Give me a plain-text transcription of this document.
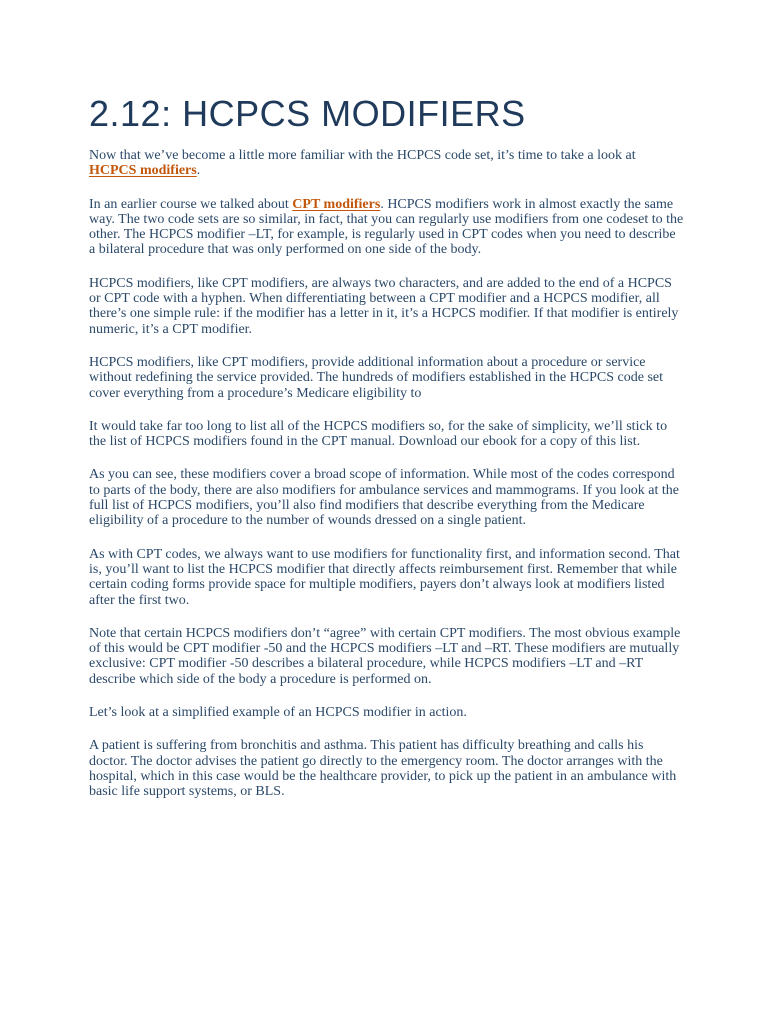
2.12: HCPCS MODIFIERS

Now that we’ve become a little more familiar with the HCPCS code set, it’s time to take a look at HCPCS modifiers.

In an earlier course we talked about CPT modifiers. HCPCS modifiers work in almost exactly the same way. The two code sets are so similar, in fact, that you can regularly use modifiers from one codeset to the other. The HCPCS modifier –LT, for example, is regularly used in CPT codes when you need to describe a bilateral procedure that was only performed on one side of the body.

HCPCS modifiers, like CPT modifiers, are always two characters, and are added to the end of a HCPCS or CPT code with a hyphen. When differentiating between a CPT modifier and a HCPCS modifier, all there’s one simple rule: if the modifier has a letter in it, it’s a HCPCS modifier. If that modifier is entirely numeric, it’s a CPT modifier.

HCPCS modifiers, like CPT modifiers, provide additional information about a procedure or service without redefining the service provided. The hundreds of modifiers established in the HCPCS code set cover everything from a procedure’s Medicare eligibility to

It would take far too long to list all of the HCPCS modifiers so, for the sake of simplicity, we’ll stick to the list of HCPCS modifiers found in the CPT manual. Download our ebook for a copy of this list.

As you can see, these modifiers cover a broad scope of information. While most of the codes correspond to parts of the body, there are also modifiers for ambulance services and mammograms. If you look at the full list of HCPCS modifiers, you’ll also find modifiers that describe everything from the Medicare eligibility of a procedure to the number of wounds dressed on a single patient.

As with CPT codes, we always want to use modifiers for functionality first, and information second. That is, you’ll want to list the HCPCS modifier that directly affects reimbursement first. Remember that while certain coding forms provide space for multiple modifiers, payers don’t always look at modifiers listed after the first two.

Note that certain HCPCS modifiers don’t “agree” with certain CPT modifiers. The most obvious example of this would be CPT modifier -50 and the HCPCS modifiers –LT and –RT. These modifiers are mutually exclusive: CPT modifier -50 describes a bilateral procedure, while HCPCS modifiers –LT and –RT describe which side of the body a procedure is performed on.

Let’s look at a simplified example of an HCPCS modifier in action.

A patient is suffering from bronchitis and asthma. This patient has difficulty breathing and calls his doctor. The doctor advises the patient go directly to the emergency room. The doctor arranges with the hospital, which in this case would be the healthcare provider, to pick up the patient in an ambulance with basic life support systems, or BLS.
